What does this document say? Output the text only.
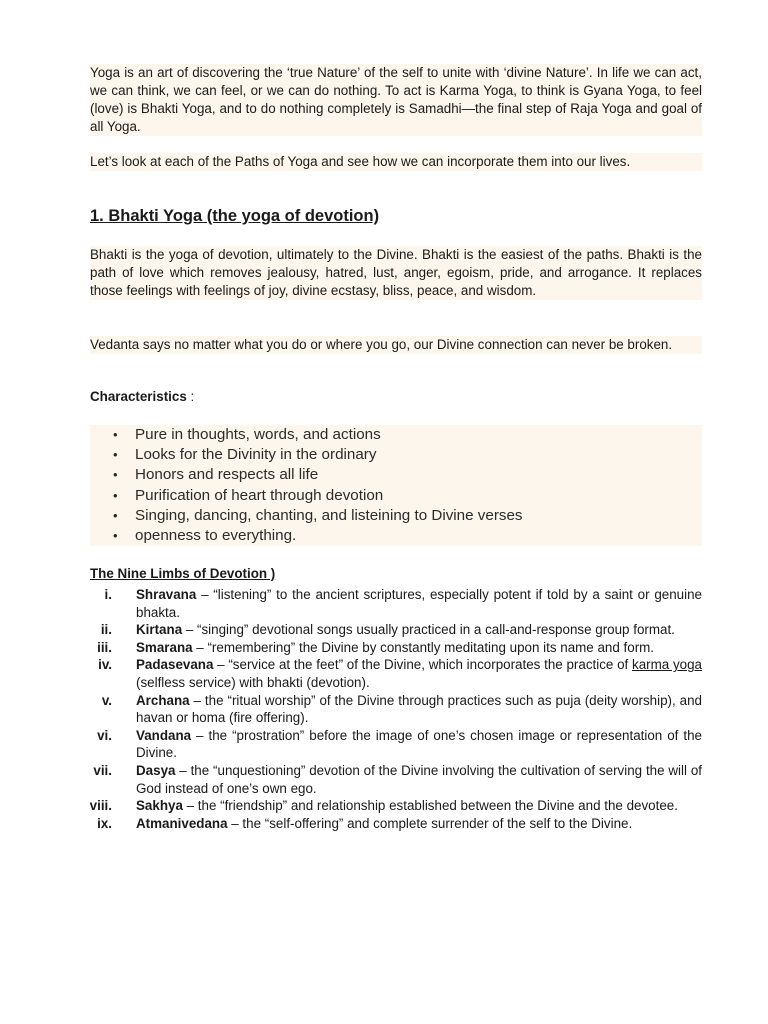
Yoga is an art of discovering the ‘true Nature’ of the self to unite with ‘divine Nature’. In life we can act, we can think, we can feel, or we can do nothing. To act is Karma Yoga, to think is Gyana Yoga, to feel (love) is Bhakti Yoga, and to do nothing completely is Samadhi—the final step of Raja Yoga and goal of all Yoga.

Let’s look at each of the Paths of Yoga and see how we can incorporate them into our lives.

1. Bhakti Yoga (the yoga of devotion)

Bhakti is the yoga of devotion, ultimately to the Divine. Bhakti is the easiest of the paths. Bhakti is the path of love which removes jealousy, hatred, lust, anger, egoism, pride, and arrogance. It replaces those feelings with feelings of joy, divine ecstasy, bliss, peace, and wisdom.

Vedanta says no matter what you do or where you go, our Divine connection can never be broken.

Characteristics :

• Pure in thoughts, words, and actions
• Looks for the Divinity in the ordinary
• Honors and respects all life
• Purification of heart through devotion
• Singing, dancing, chanting, and listeining to Divine verses
• openness to everything.

The Nine Limbs of Devotion )

i. Shravana – “listening” to the ancient scriptures, especially potent if told by a saint or genuine bhakta.
ii. Kirtana – “singing” devotional songs usually practiced in a call-and-response group format.
iii. Smarana – “remembering” the Divine by constantly meditating upon its name and form.
iv. Padasevana – “service at the feet” of the Divine, which incorporates the practice of karma yoga (selfless service) with bhakti (devotion).
v. Archana – the “ritual worship” of the Divine through practices such as puja (deity worship), and havan or homa (fire offering).
vi. Vandana – the “prostration” before the image of one’s chosen image or representation of the Divine.
vii. Dasya – the “unquestioning” devotion of the Divine involving the cultivation of serving the will of God instead of one’s own ego.
viii. Sakhya – the “friendship” and relationship established between the Divine and the devotee.
ix. Atmanivedana – the “self-offering” and complete surrender of the self to the Divine.
